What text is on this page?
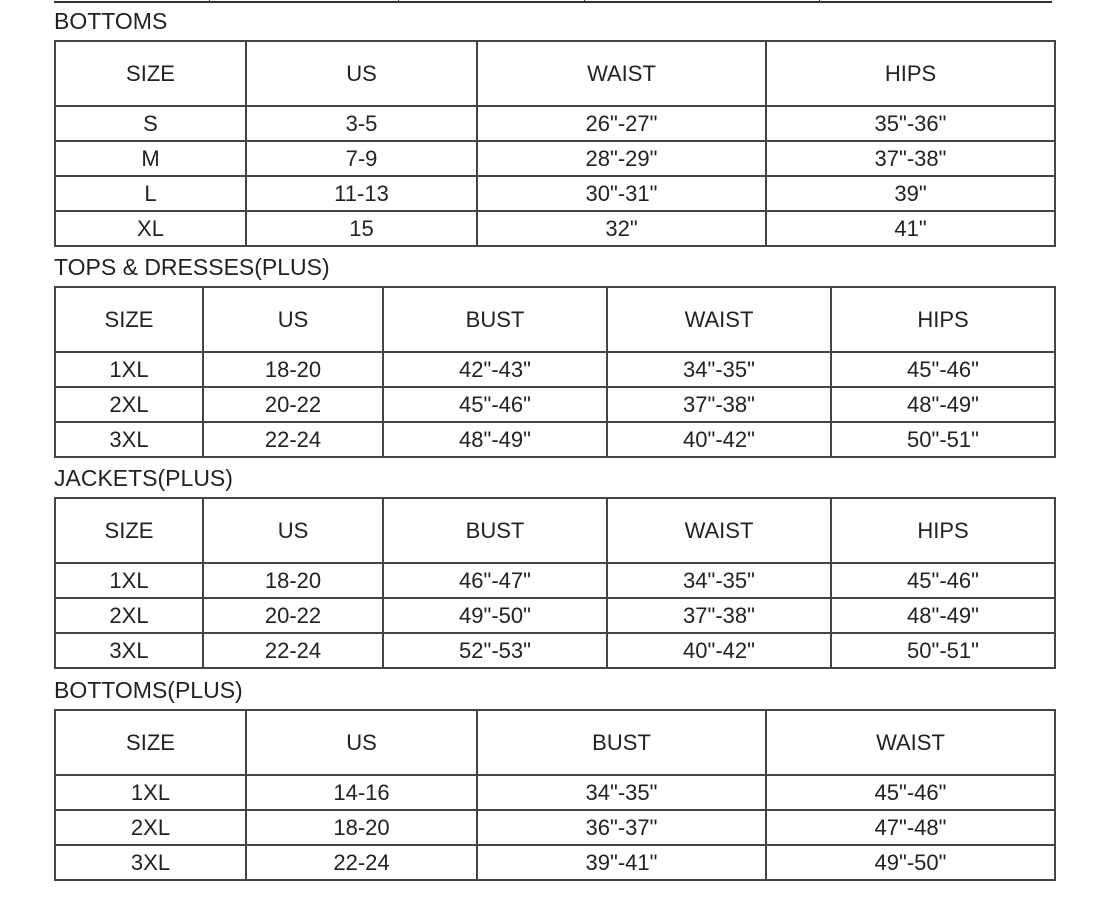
BOTTOMS
SIZE	US	WAIST	HIPS
S	3-5	26"-27"	35"-36"
M	7-9	28"-29"	37"-38"
L	11-13	30"-31"	39"
XL	15	32"	41"
TOPS & DRESSES(PLUS)
SIZE	US	BUST	WAIST	HIPS
1XL	18-20	42"-43"	34"-35"	45"-46"
2XL	20-22	45"-46"	37"-38"	48"-49"
3XL	22-24	48"-49"	40"-42"	50"-51"
JACKETS(PLUS)
SIZE	US	BUST	WAIST	HIPS
1XL	18-20	46"-47"	34"-35"	45"-46"
2XL	20-22	49"-50"	37"-38"	48"-49"
3XL	22-24	52"-53"	40"-42"	50"-51"
BOTTOMS(PLUS)
SIZE	US	BUST	WAIST
1XL	14-16	34"-35"	45"-46"
2XL	18-20	36"-37"	47"-48"
3XL	22-24	39"-41"	49"-50"
